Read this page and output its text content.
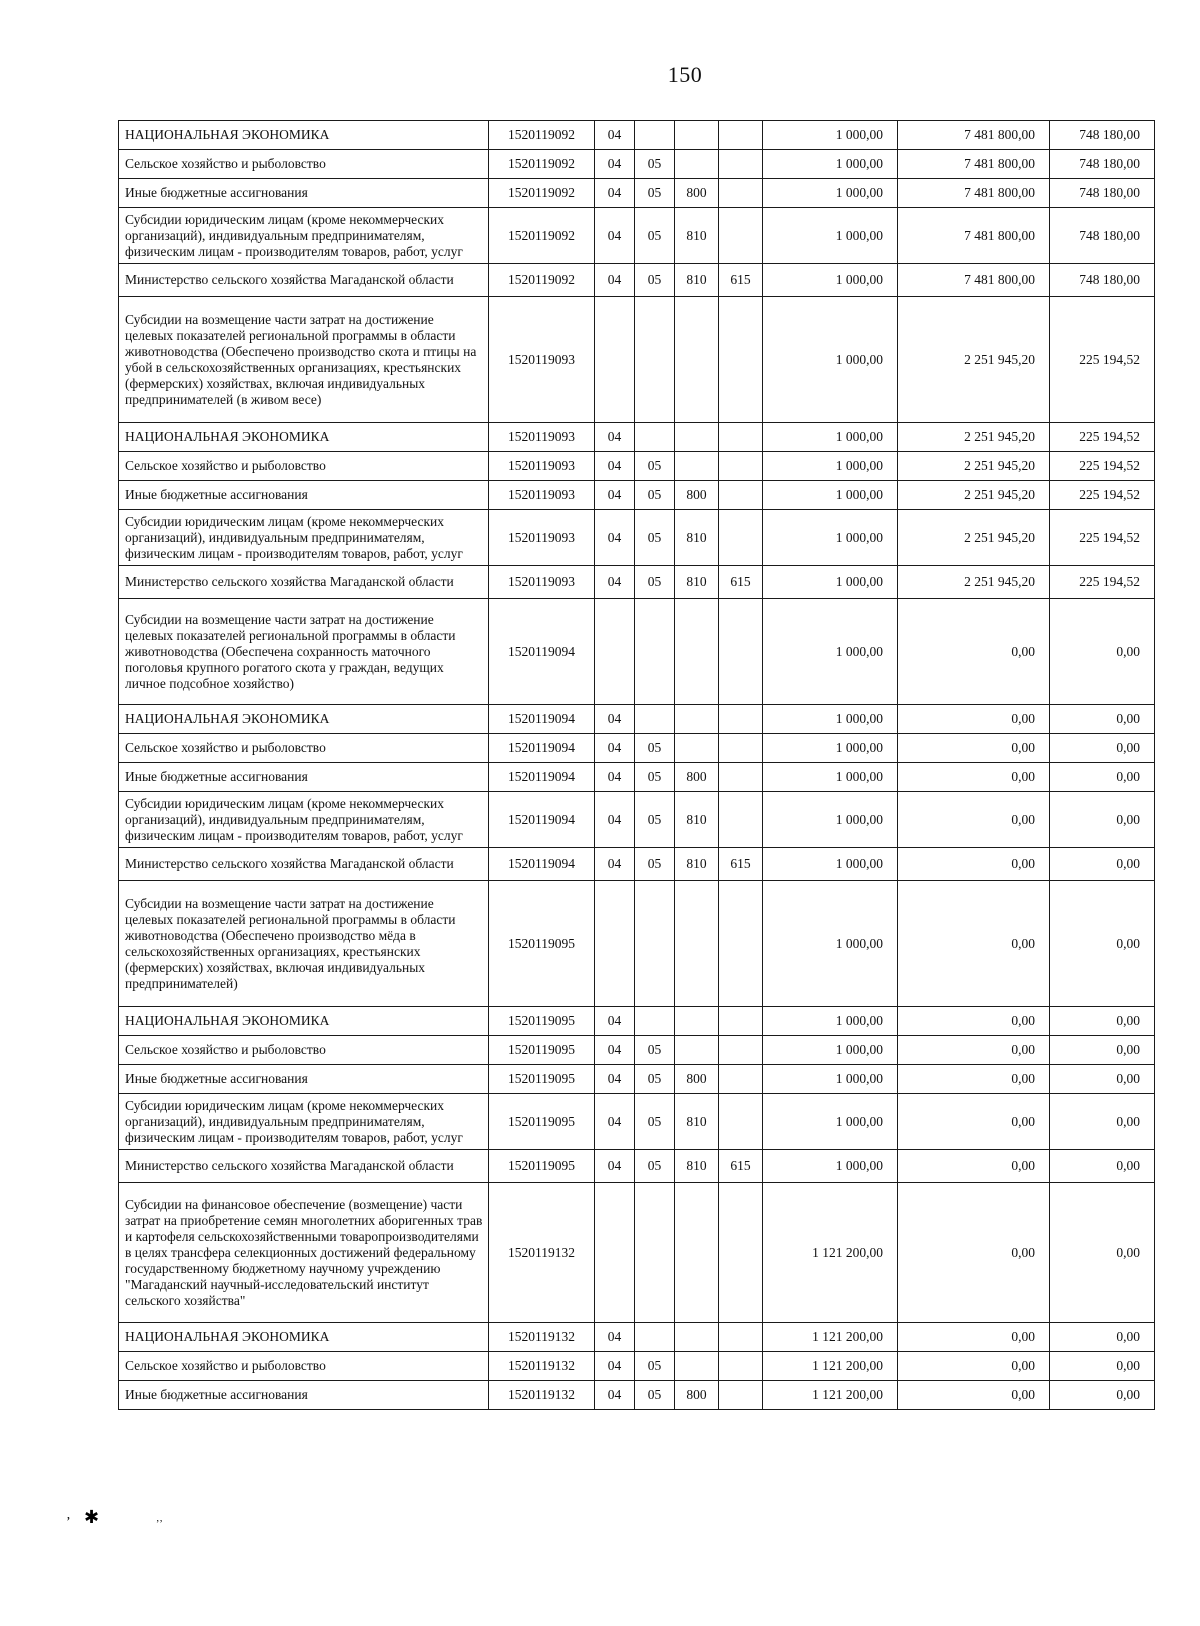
150
НАЦИОНАЛЬНАЯ ЭКОНОМИКА	1520119092	04				1 000,00	7 481 800,00	748 180,00
Сельское хозяйство и рыболовство	1520119092	04	05			1 000,00	7 481 800,00	748 180,00
Иные бюджетные ассигнования	1520119092	04	05	800		1 000,00	7 481 800,00	748 180,00
Субсидии юридическим лицам (кроме некоммерческих организаций), индивидуальным предпринимателям, физическим лицам - производителям товаров, работ, услуг	1520119092	04	05	810		1 000,00	7 481 800,00	748 180,00
Министерство сельского хозяйства Магаданской области	1520119092	04	05	810	615	1 000,00	7 481 800,00	748 180,00
Субсидии на возмещение части затрат на достижение целевых показателей региональной программы в области животноводства (Обеспечено производство скота и птицы на убой в сельскохозяйственных организациях, крестьянских (фермерских) хозяйствах, включая индивидуальных предпринимателей (в живом весе)	1520119093					1 000,00	2 251 945,20	225 194,52
НАЦИОНАЛЬНАЯ ЭКОНОМИКА	1520119093	04				1 000,00	2 251 945,20	225 194,52
Сельское хозяйство и рыболовство	1520119093	04	05			1 000,00	2 251 945,20	225 194,52
Иные бюджетные ассигнования	1520119093	04	05	800		1 000,00	2 251 945,20	225 194,52
Субсидии юридическим лицам (кроме некоммерческих организаций), индивидуальным предпринимателям, физическим лицам - производителям товаров, работ, услуг	1520119093	04	05	810		1 000,00	2 251 945,20	225 194,52
Министерство сельского хозяйства Магаданской области	1520119093	04	05	810	615	1 000,00	2 251 945,20	225 194,52
Субсидии на возмещение части затрат на достижение целевых показателей региональной программы в области животноводства (Обеспечена сохранность маточного поголовья крупного рогатого скота у граждан, ведущих личное подсобное хозяйство)	1520119094					1 000,00	0,00	0,00
НАЦИОНАЛЬНАЯ ЭКОНОМИКА	1520119094	04				1 000,00	0,00	0,00
Сельское хозяйство и рыболовство	1520119094	04	05			1 000,00	0,00	0,00
Иные бюджетные ассигнования	1520119094	04	05	800		1 000,00	0,00	0,00
Субсидии юридическим лицам (кроме некоммерческих организаций), индивидуальным предпринимателям, физическим лицам - производителям товаров, работ, услуг	1520119094	04	05	810		1 000,00	0,00	0,00
Министерство сельского хозяйства Магаданской области	1520119094	04	05	810	615	1 000,00	0,00	0,00
Субсидии на возмещение части затрат на достижение целевых показателей региональной программы в области животноводства (Обеспечено производство мёда в сельскохозяйственных организациях, крестьянских (фермерских) хозяйствах, включая индивидуальных предпринимателей)	1520119095					1 000,00	0,00	0,00
НАЦИОНАЛЬНАЯ ЭКОНОМИКА	1520119095	04				1 000,00	0,00	0,00
Сельское хозяйство и рыболовство	1520119095	04	05			1 000,00	0,00	0,00
Иные бюджетные ассигнования	1520119095	04	05	800		1 000,00	0,00	0,00
Субсидии юридическим лицам (кроме некоммерческих организаций), индивидуальным предпринимателям, физическим лицам - производителям товаров, работ, услуг	1520119095	04	05	810		1 000,00	0,00	0,00
Министерство сельского хозяйства Магаданской области	1520119095	04	05	810	615	1 000,00	0,00	0,00
Субсидии на финансовое обеспечение (возмещение) части затрат на приобретение семян многолетних аборигенных трав и картофеля сельскохозяйственными товаропроизводителями в целях трансфера селекционных достижений федеральному государственному бюджетному научному учреждению "Магаданский научный-исследовательский институт сельского хозяйства"	1520119132					1 121 200,00	0,00	0,00
НАЦИОНАЛЬНАЯ ЭКОНОМИКА	1520119132	04				1 121 200,00	0,00	0,00
Сельское хозяйство и рыболовство	1520119132	04	05			1 121 200,00	0,00	0,00
Иные бюджетные ассигнования	1520119132	04	05	800		1 121 200,00	0,00	0,00
ʼ ✱	ʼʼ
